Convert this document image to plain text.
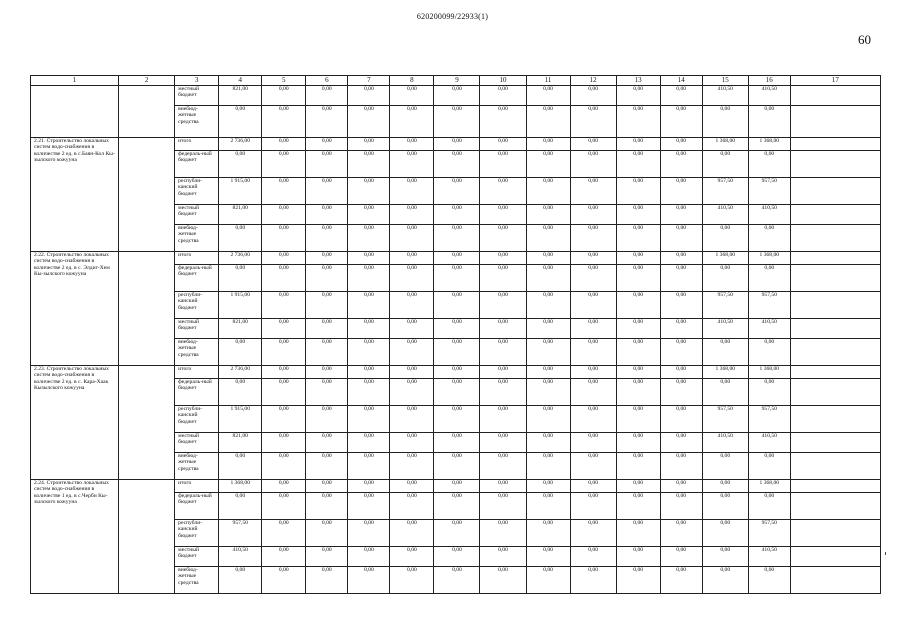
620200099/22933(1)
60
1	2	3	4	5	6	7	8	9	10	11	12	13	14	15	16	17
		местный бюджет	821,00	0,00	0,00	0,00	0,00	0,00	0,00	0,00	0,00	0,00	0,00	410,50	410,50	
		внебюд-жетные средства	0,00	0,00	0,00	0,00	0,00	0,00	0,00	0,00	0,00	0,00	0,00	0,00	0,00	
2.21. Строительство локальных систем водо-снабжения в количестве 2 ед. в с.Баян-Кол Кы-зылского кожууна		итого	2 736,00	0,00	0,00	0,00	0,00	0,00	0,00	0,00	0,00	0,00	0,00	1 368,00	1 368,00	
		федераль-ный бюджет	0,00	0,00	0,00	0,00	0,00	0,00	0,00	0,00	0,00	0,00	0,00	0,00	0,00	
		республи-канский бюджет	1 915,00	0,00	0,00	0,00	0,00	0,00	0,00	0,00	0,00	0,00	0,00	957,50	957,50	
		местный бюджет	821,00	0,00	0,00	0,00	0,00	0,00	0,00	0,00	0,00	0,00	0,00	410,50	410,50	
		внебюд-жетные средства	0,00	0,00	0,00	0,00	0,00	0,00	0,00	0,00	0,00	0,00	0,00	0,00	0,00	
2.22. Строительство локальных систем водо-снабжения в количестве 2 ед. в с. Элдиг-Хем Кы-зылского кожууна		итого	2 736,00	0,00	0,00	0,00	0,00	0,00	0,00	0,00	0,00	0,00	0,00	1 368,00	1 368,00	
		федераль-ный бюджет	0,00	0,00	0,00	0,00	0,00	0,00	0,00	0,00	0,00	0,00	0,00	0,00	0,00	
		республи-канский бюджет	1 915,00	0,00	0,00	0,00	0,00	0,00	0,00	0,00	0,00	0,00	0,00	957,50	957,50	
		местный бюджет	821,00	0,00	0,00	0,00	0,00	0,00	0,00	0,00	0,00	0,00	0,00	410,50	410,50	
		внебюд-жетные средства	0,00	0,00	0,00	0,00	0,00	0,00	0,00	0,00	0,00	0,00	0,00	0,00	0,00	
2.23. Строительство локальных систем водо-снабжения в количестве 2 ед. в с. Кара-Хаак Кызылского кожууна		итого	2 736,00	0,00	0,00	0,00	0,00	0,00	0,00	0,00	0,00	0,00	0,00	1 368,00	1 368,00	
		федераль-ный бюджет	0,00	0,00	0,00	0,00	0,00	0,00	0,00	0,00	0,00	0,00	0,00	0,00	0,00	
		республи-канский бюджет	1 915,00	0,00	0,00	0,00	0,00	0,00	0,00	0,00	0,00	0,00	0,00	957,50	957,50	
		местный бюджет	821,00	0,00	0,00	0,00	0,00	0,00	0,00	0,00	0,00	0,00	0,00	410,50	410,50	
		внебюд-жетные средства	0,00	0,00	0,00	0,00	0,00	0,00	0,00	0,00	0,00	0,00	0,00	0,00	0,00	
2.24. Строительство локальных систем водо-снабжения в количестве 1 ед. в с.Черби Кы-зылского кожууна		итого	1 368,00	0,00	0,00	0,00	0,00	0,00	0,00	0,00	0,00	0,00	0,00	0,00	1 368,00	
		федераль-ный бюджет	0,00	0,00	0,00	0,00	0,00	0,00	0,00	0,00	0,00	0,00	0,00	0,00	0,00	
		республи-канский бюджет	957,50	0,00	0,00	0,00	0,00	0,00	0,00	0,00	0,00	0,00	0,00	0,00	957,50	
		местный бюджет	410,50	0,00	0,00	0,00	0,00	0,00	0,00	0,00	0,00	0,00	0,00	0,00	410,50	
		внебюд-жетные средства	0,00	0,00	0,00	0,00	0,00	0,00	0,00	0,00	0,00	0,00	0,00	0,00	0,00	
